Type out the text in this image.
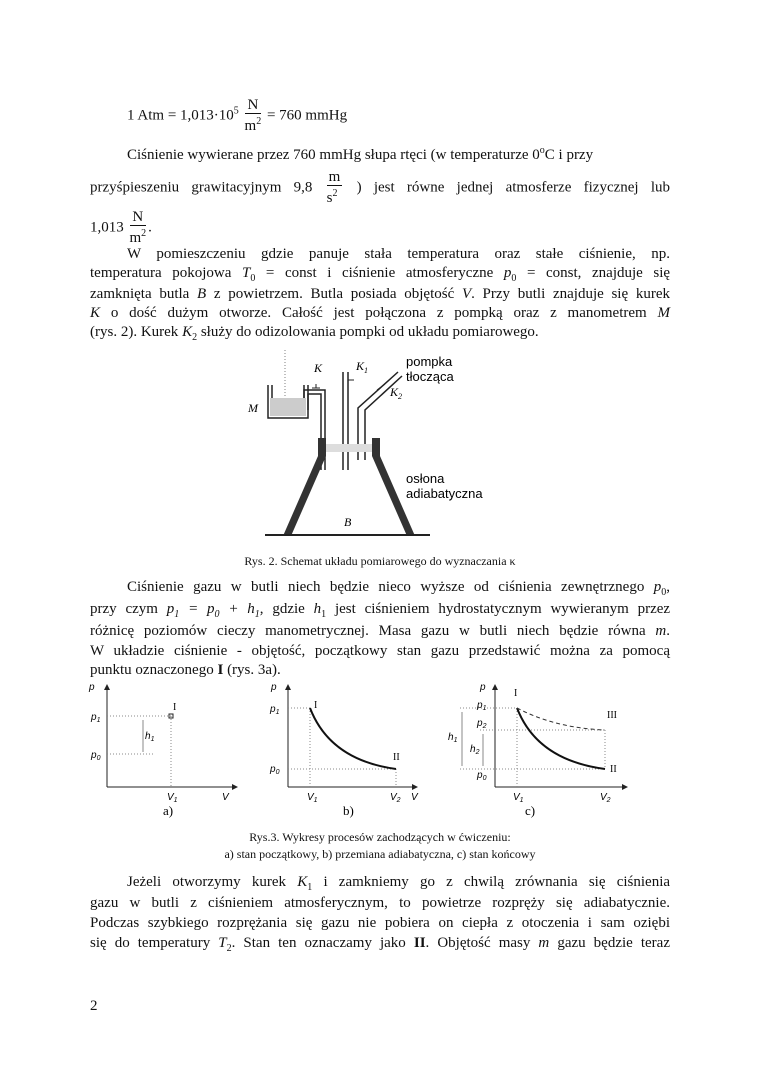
1 Atm = $1,013\cdot 10^5 \frac{N}{m^2} = 760$ mmHg
Ciśnienie wywierane przez 760 mmHg słupa rtęci (w temperaturze 0$^o$C i przy
przyśpieszeniu grawitacyjnym $9,8 \frac{m}{s^2}$ ) jest równe jednej atmosferze fizycznej lub
$1,013 \frac{N}{m^2}$ .
W pomieszczeniu gdzie panuje stała temperatura oraz stałe ciśnienie, np.
temperatura pokojowa $T_0$ = const i ciśnienie atmosferyczne $p_0$ = const, znajduje się
zamknięta butla B z powietrzem. Butla posiada objętość V. Przy butli znajduje się kurek
K o dość dużym otworze. Całość jest połączona z pompką oraz z manometrem M
(rys. 2). Kurek $K_2$ służy do odizolowania pompki od układu pomiarowego.
K	$K_1$
$K_2$
M
B
pompka
tłocząca
osłona
adiabatyczna
Rys. 2. Schemat układu pomiarowego do wyznaczania κ
Ciśnienie gazu w butli niech będzie nieco wyższe od ciśnienia zewnętrznego $p_0$,
przy czym $p_1 = p_0 + h_1$, gdzie $h_1$ jest ciśnieniem hydrostatycznym wywieranym przez
różnicę poziomów cieczy manometrycznej. Masa gazu w butli niech będzie równa m.
W układzie ciśnienie - objętość, początkowy stan gazu przedstawić można za pomocą
punktu oznaczonego I (rys. 3a).
p
$p_1$
$p_0$
$h_1$
I
$V_1$	V
a)
p
$p_1$
$p_0$
I
II
$V_1$	$V_2$ V
b)
p
$p_1$
$p_2$
$p_0$
$h_1$
$h_2$
I
III
II
$V_1$	$V_2$
c)
Rys.3. Wykresy procesów zachodzących w ćwiczeniu:
a) stan początkowy, b) przemiana adiabatyczna, c) stan końcowy
Jeżeli otworzymy kurek $K_1$ i zamkniemy go z chwilą zrównania się ciśnienia
gazu w butli z ciśnieniem atmosferycznym, to powietrze rozpręży się adiabatycznie.
Podczas szybkiego rozprężania się gazu nie pobiera on ciepła z otoczenia i sam oziębi
się do temperatury $T_2$. Stan ten oznaczamy jako II. Objętość masy m gazu będzie teraz
2
